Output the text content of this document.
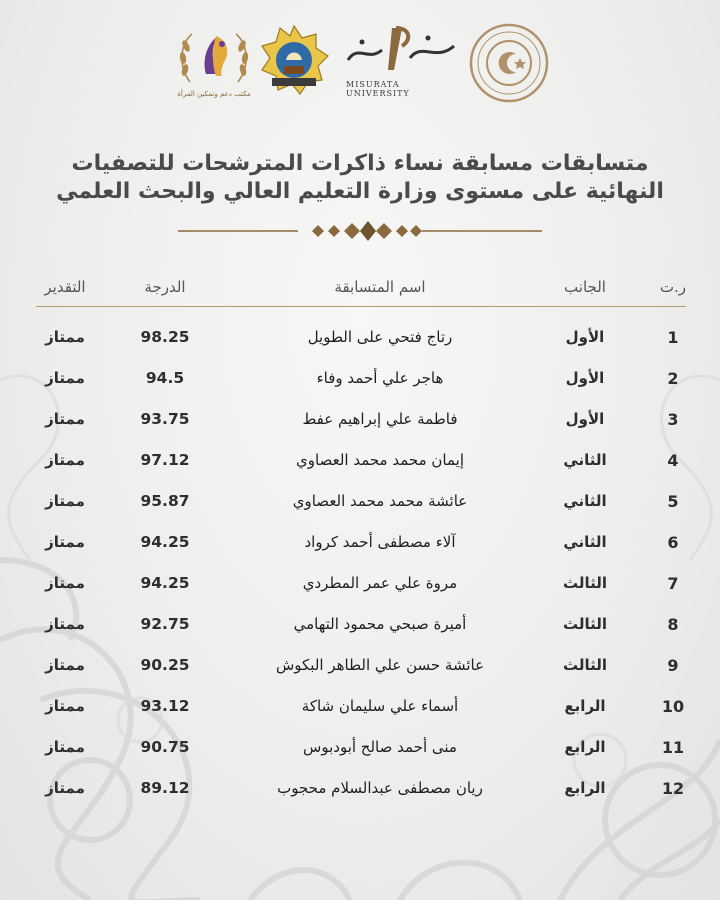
مكتب دعم وتمكين المرأة
MISURATA UNIVERSITY
متسابقات مسابقة نساء ذاكرات المترشحات للتصفيات
النهائية على مستوى وزارة التعليم العالي والبحث العلمي
ر.ت
الجانب
اسم المتسابقة
الدرجة
التقدير
1
الأول
رتاج فتحي على الطويل
98.25
ممتاز
2
الأول
هاجر علي أحمد وفاء
94.5
ممتاز
3
الأول
فاطمة علي إبراهيم عفط
93.75
ممتاز
4
الثاني
إيمان محمد محمد العصاوي
97.12
ممتاز
5
الثاني
عائشة محمد محمد العصاوي
95.87
ممتاز
6
الثاني
آلاء مصطفى أحمد كرواد
94.25
ممتاز
7
الثالث
مروة علي عمر المطردي
94.25
ممتاز
8
الثالث
أميرة صبحي محمود التهامي
92.75
ممتاز
9
الثالث
عائشة حسن علي الطاهر البكوش
90.25
ممتاز
10
الرابع
أسماء علي سليمان شاكة
93.12
ممتاز
11
الرابع
منى أحمد صالح أبودبوس
90.75
ممتاز
12
الرابع
ريان مصطفى عبدالسلام محجوب
89.12
ممتاز
